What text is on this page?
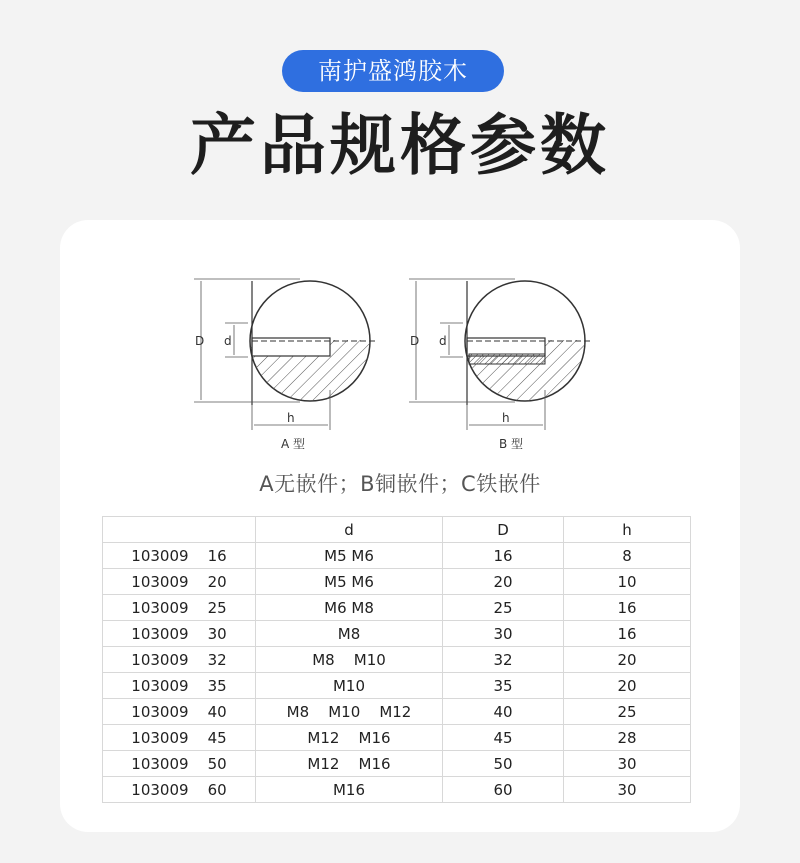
南护盛鸿胶木
产品规格参数
D d
h
A 型
D d
h
B 型
A无嵌件；B铜嵌件；C铁嵌件
	d	D	h
103009    16	M5 M6	16	8
103009    20	M5 M6	20	10
103009    25	M6 M8	25	16
103009    30	M8	30	16
103009    32	M8    M10	32	20
103009    35	M10	35	20
103009    40	M8    M10    M12	40	25
103009    45	M12    M16	45	28
103009    50	M12    M16	50	30
103009    60	M16	60	30
